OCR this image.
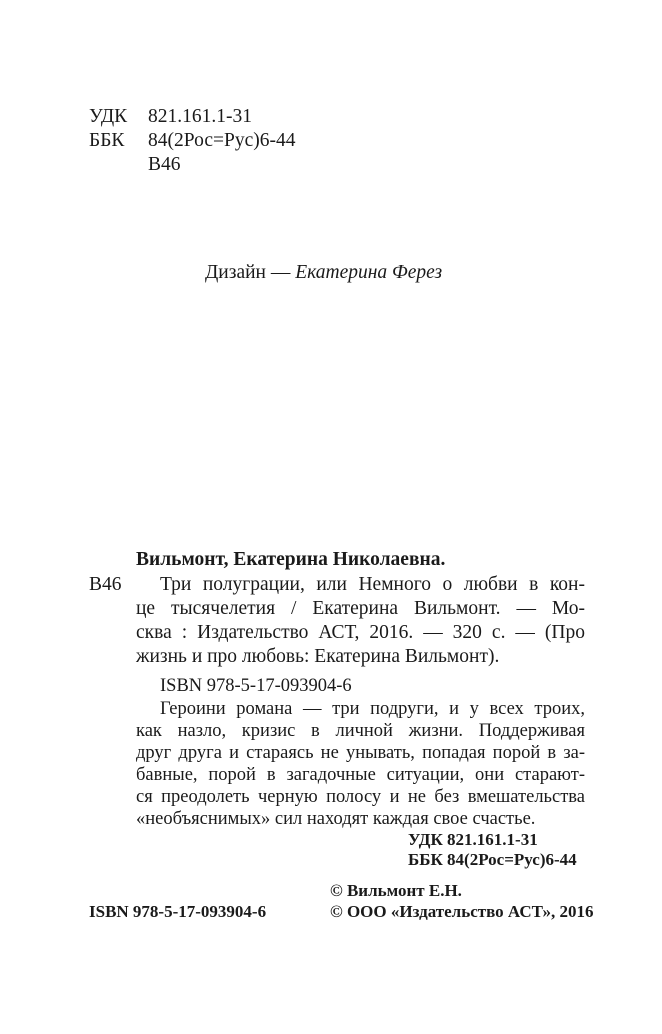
УДК 821.161.1-31
ББК 84(2Рос=Рус)6-44
В46
Дизайн — Екатерина Ферез
Вильмонт, Екатерина Николаевна.
В46 Три полуграции, или Немного о любви в кон-
це тысячелетия / Екатерина Вильмонт. — Мо-
сква : Издательство АСТ, 2016. — 320 с. — (Про
жизнь и про любовь: Екатерина Вильмонт).
ISBN 978-5-17-093904-6
Героини романа — три подруги, и у всех троих,
как назло, кризис в личной жизни. Поддерживая
друг друга и стараясь не унывать, попадая порой в за-
бавные, порой в загадочные ситуации, они старают-
ся преодолеть черную полосу и не без вмешательства
«необъяснимых» сил находят каждая свое счастье.
УДК 821.161.1-31
ББК 84(2Рос=Рус)6-44
© Вильмонт Е.Н.
ISBN 978-5-17-093904-6	© ООО «Издательство АСТ», 2016
